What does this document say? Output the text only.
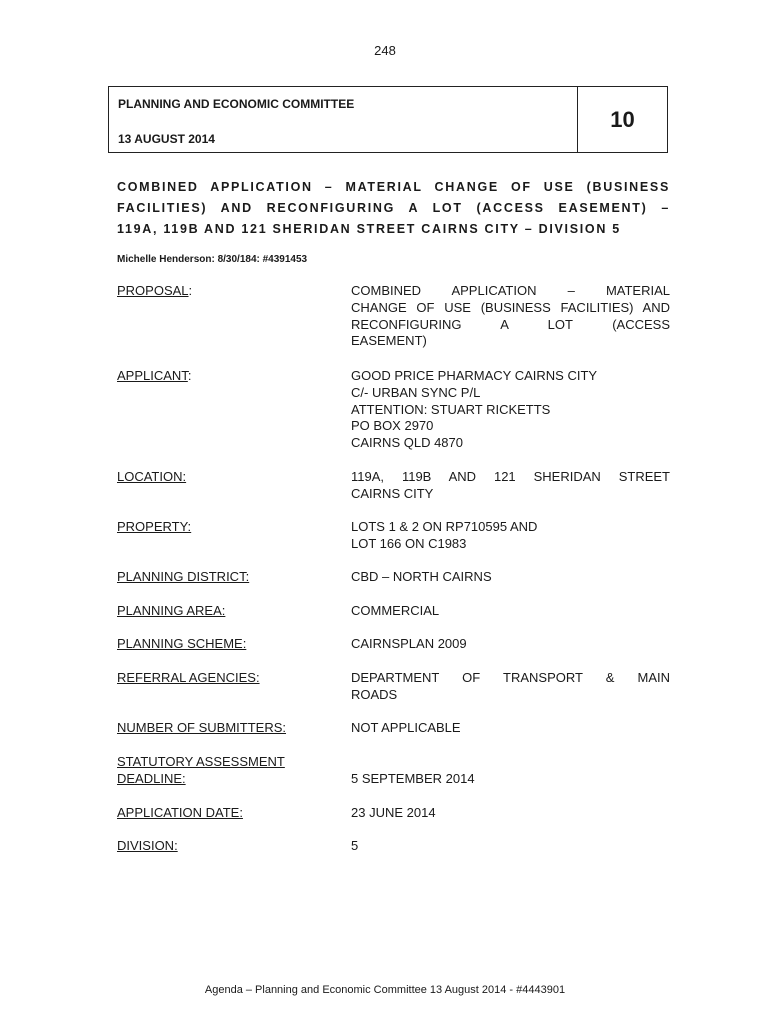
248
PLANNING AND ECONOMIC COMMITTEE
13 AUGUST 2014
10
COMBINED APPLICATION – MATERIAL CHANGE OF USE (BUSINESS
FACILITIES) AND RECONFIGURING A LOT (ACCESS EASEMENT) –
119A, 119B AND 121 SHERIDAN STREET CAIRNS CITY – DIVISION 5
Michelle Henderson: 8/30/184: #4391453
PROPOSAL:	COMBINED APPLICATION – MATERIAL
CHANGE OF USE (BUSINESS FACILITIES) AND
RECONFIGURING A LOT (ACCESS
EASEMENT)
APPLICANT:	GOOD PRICE PHARMACY CAIRNS CITY
C/- URBAN SYNC P/L
ATTENTION: STUART RICKETTS
PO BOX 2970
CAIRNS QLD 4870
LOCATION:	119A, 119B AND 121 SHERIDAN STREET
CAIRNS CITY
PROPERTY:	LOTS 1 & 2 ON RP710595 AND
LOT 166 ON C1983
PLANNING DISTRICT:	CBD – NORTH CAIRNS
PLANNING AREA:	COMMERCIAL
PLANNING SCHEME:	CAIRNSPLAN 2009
REFERRAL AGENCIES:	DEPARTMENT OF TRANSPORT & MAIN
ROADS
NUMBER OF SUBMITTERS:	NOT APPLICABLE
STATUTORY ASSESSMENT
DEADLINE:	5 SEPTEMBER 2014
APPLICATION DATE:	23 JUNE 2014
DIVISION:	5
Agenda – Planning and Economic Committee 13 August 2014 - #4443901
